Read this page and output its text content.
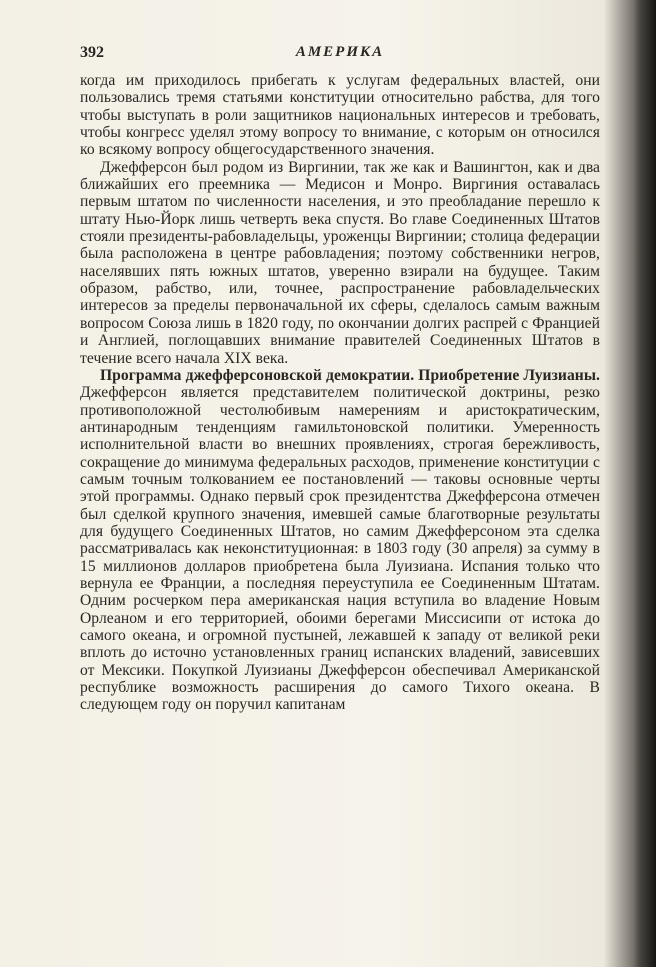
392	АМЕРИКА

когда им приходилось прибегать к услугам федеральных властей, они пользовались тремя статьями конституции относительно рабства, для того чтобы выступать в роли защитников национальных интересов и требовать, чтобы конгресс уделял этому вопросу то внимание, с которым он относился ко всякому вопросу общегосударственного значения.

Джефферсон был родом из Виргинии, так же как и Вашингтон, как и два ближайших его преемника — Медисон и Монро. Виргиния оставалась первым штатом по численности населения, и это преобладание перешло к штату Нью-Йорк лишь четверть века спустя. Во главе Соединенных Штатов стояли президенты-рабовладельцы, уроженцы Виргинии; столица федерации была расположена в центре рабовладения; поэтому собственники негров, населявших пять южных штатов, уверенно взирали на будущее. Таким образом, рабство, или, точнее, распространение рабовладельческих интересов за пределы первоначальной их сферы, сделалось самым важным вопросом Союза лишь в 1820 году, по окончании долгих распрей с Францией и Англией, поглощавших внимание правителей Соединенных Штатов в течение всего начала XIX века.

Программа джефферсоновской демократии. Приобретение Луизианы. Джефферсон является представителем политической доктрины, резко противоположной честолюбивым намерениям и аристократическим, антинародным тенденциям гамильтоновской политики. Умеренность исполнительной власти во внешних проявлениях, строгая бережливость, сокращение до минимума федеральных расходов, применение конституции с самым точным толкованием ее постановлений — таковы основные черты этой программы. Однако первый срок президентства Джефферсона отмечен был сделкой крупного значения, имевшей самые благотворные результаты для будущего Соединенных Штатов, но самим Джефферсоном эта сделка рассматривалась как неконституционная: в 1803 году (30 апреля) за сумму в 15 миллионов долларов приобретена была Луизиана. Испания только что вернула ее Франции, а последняя переуступила ее Соединенным Штатам. Одним росчерком пера американская нация вступила во владение Новым Орлеаном и его территорией, обоими берегами Миссисипи от истока до самого океана, и огромной пустыней, лежавшей к западу от великой реки вплоть до источно установленных границ испанских владений, зависевших от Мексики. Покупкой Луизианы Джефферсон обеспечивал Американской республике возможность расширения до самого Тихого океана. В следующем году он поручил капитанам
